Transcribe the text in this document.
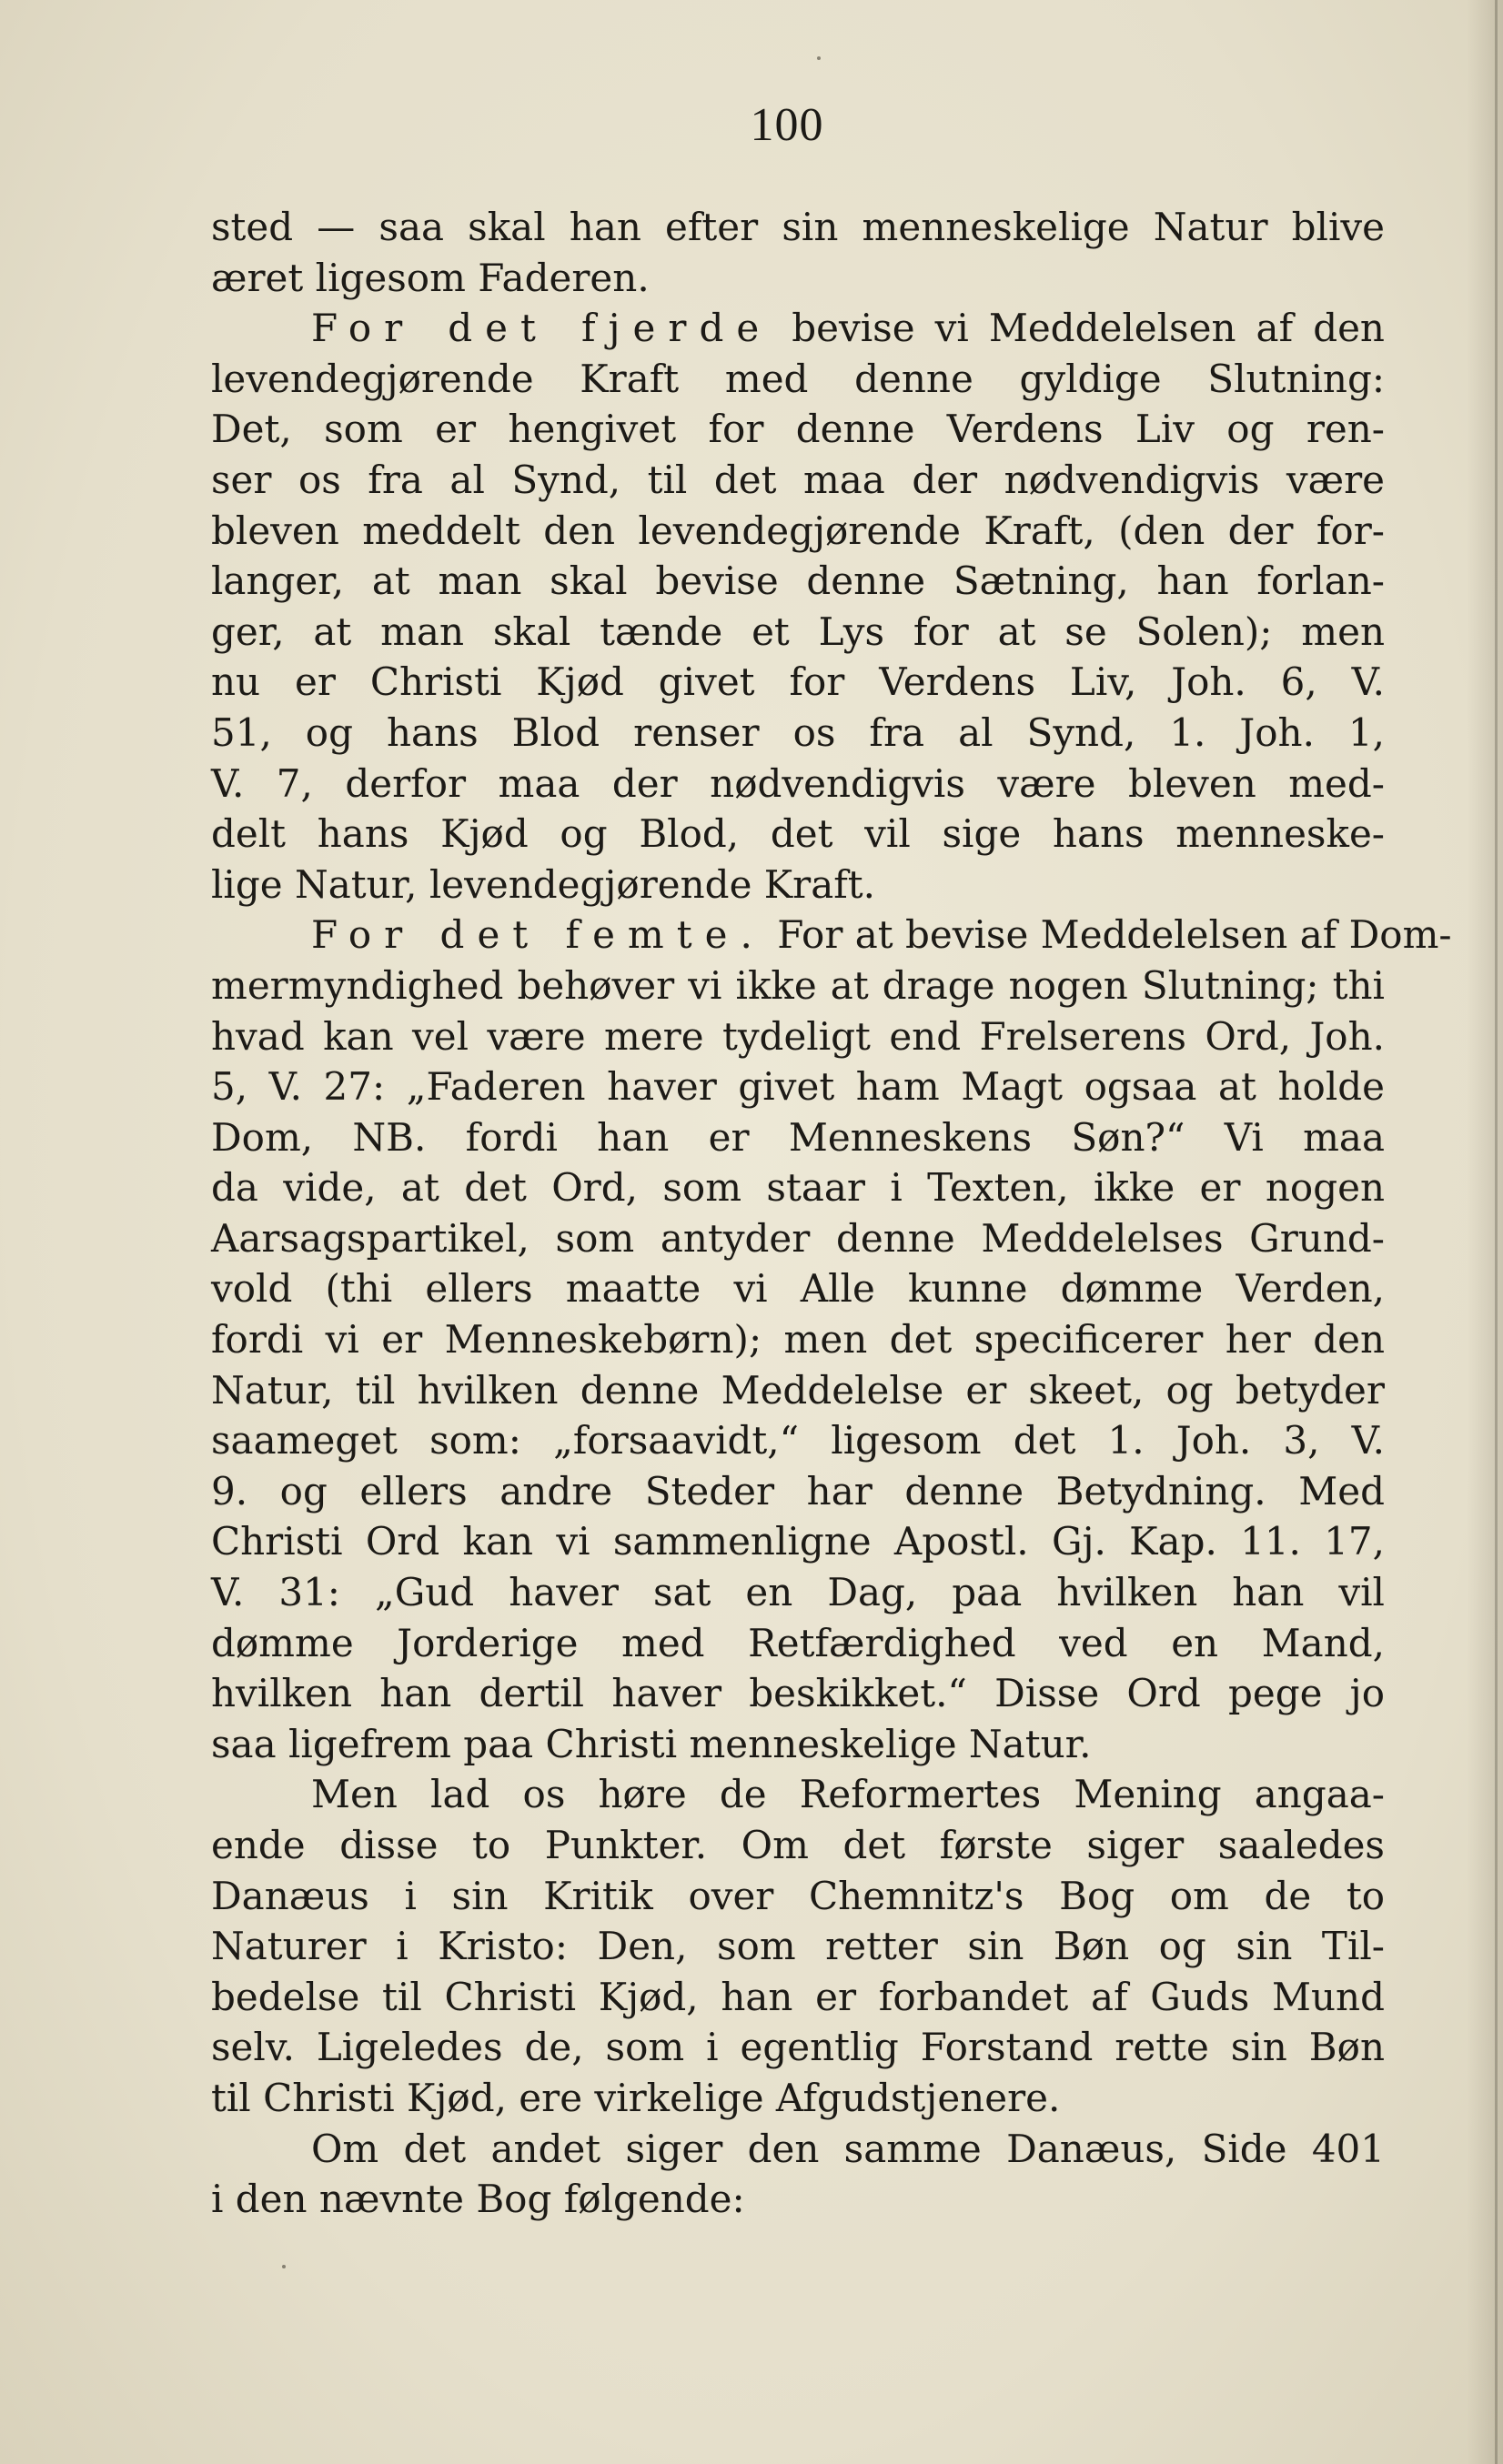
100
sted — saa skal han efter sin menneskelige Natur blive
æret ligesom Faderen.
For det fjerde bevise vi Meddelelsen af den
levendegjørende Kraft med denne gyldige Slutning:
Det, som er hengivet for denne Verdens Liv og ren-
ser os fra al Synd, til det maa der nødvendigvis være
bleven meddelt den levendegjørende Kraft, (den der for-
langer, at man skal bevise denne Sætning, han forlan-
ger, at man skal tænde et Lys for at se Solen); men
nu er Christi Kjød givet for Verdens Liv, Joh. 6, V.
51, og hans Blod renser os fra al Synd, 1. Joh. 1,
V. 7, derfor maa der nødvendigvis være bleven med-
delt hans Kjød og Blod, det vil sige hans menneske-
lige Natur, levendegjørende Kraft.
For det femte. For at bevise Meddelelsen af Dom-
mermyndighed behøver vi ikke at drage nogen Slutning; thi
hvad kan vel være mere tydeligt end Frelserens Ord, Joh.
5, V. 27: „Faderen haver givet ham Magt ogsaa at holde
Dom, NB. fordi han er Menneskens Søn?“ Vi maa
da vide, at det Ord, som staar i Texten, ikke er nogen
Aarsagspartikel, som antyder denne Meddelelses Grund-
vold (thi ellers maatte vi Alle kunne dømme Verden,
fordi vi er Menneskebørn); men det specificerer her den
Natur, til hvilken denne Meddelelse er skeet, og betyder
saameget som: „forsaavidt,“ ligesom det 1. Joh. 3, V.
9. og ellers andre Steder har denne Betydning. Med
Christi Ord kan vi sammenligne Apostl. Gj. Kap. 11. 17,
V. 31: „Gud haver sat en Dag, paa hvilken han vil
dømme Jorderige med Retfærdighed ved en Mand,
hvilken han dertil haver beskikket.“ Disse Ord pege jo
saa ligefrem paa Christi menneskelige Natur.
Men lad os høre de Reformertes Mening angaa-
ende disse to Punkter. Om det første siger saaledes
Danæus i sin Kritik over Chemnitz's Bog om de to
Naturer i Kristo: Den, som retter sin Bøn og sin Til-
bedelse til Christi Kjød, han er forbandet af Guds Mund
selv. Ligeledes de, som i egentlig Forstand rette sin Bøn
til Christi Kjød, ere virkelige Afgudstjenere.
Om det andet siger den samme Danæus, Side 401
i den nævnte Bog følgende:
